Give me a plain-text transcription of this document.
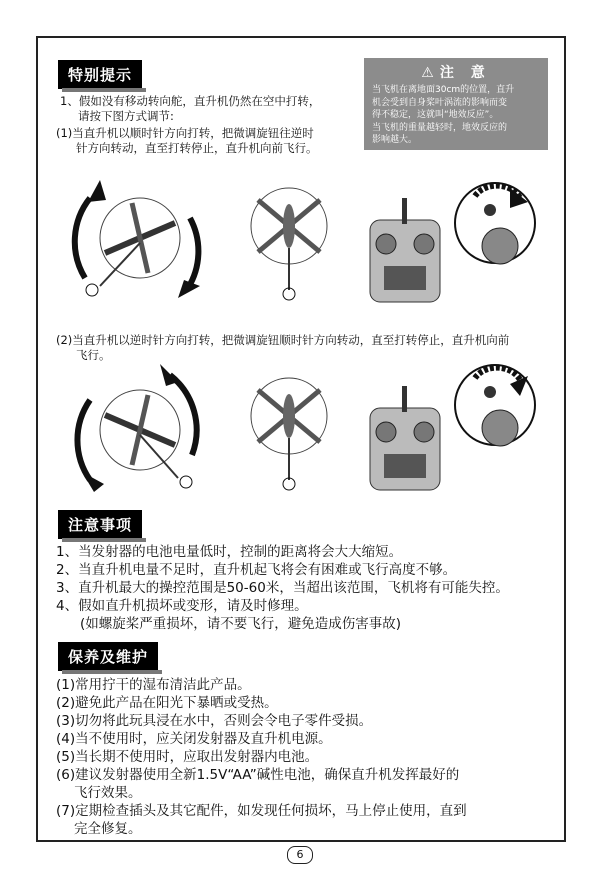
特别提示
1、假如没有移动转向舵，直升机仍然在空中打转，
请按下图方式调节:
(1)当直升机以顺时针方向打转，把微调旋钮往逆时
针方向转动，直至打转停止，直升机向前飞行。
⚠ 注 意
当飞机在离地面30cm的位置，直升
机会受到自身桨叶涡流的影响而变
得不稳定，这就叫“地效反应”。
当飞机的重量越轻时，地效反应的
影响越大。
(2)当直升机以逆时针方向打转，把微调旋钮顺时针方向转动，直至打转停止，直升机向前
飞行。
注意事项
1、当发射器的电池电量低时，控制的距离将会大大缩短。
2、当直升机电量不足时，直升机起飞将会有困难或飞行高度不够。
3、直升机最大的操控范围是50-60米，当超出该范围，飞机将有可能失控。
4、假如直升机损坏或变形，请及时修理。
(如螺旋桨严重损坏，请不要飞行，避免造成伤害事故)
保养及维护
(1)常用拧干的湿布清洁此产品。
(2)避免此产品在阳光下暴晒或受热。
(3)切勿将此玩具浸在水中，否则会令电子零件受损。
(4)当不使用时，应关闭发射器及直升机电源。
(5)当长期不使用时，应取出发射器内电池。
(6)建议发射器使用全新1.5V“AA”碱性电池，确保直升机发挥最好的
飞行效果。
(7)定期检查插头及其它配件，如发现任何损坏，马上停止使用，直到
完全修复。
6
